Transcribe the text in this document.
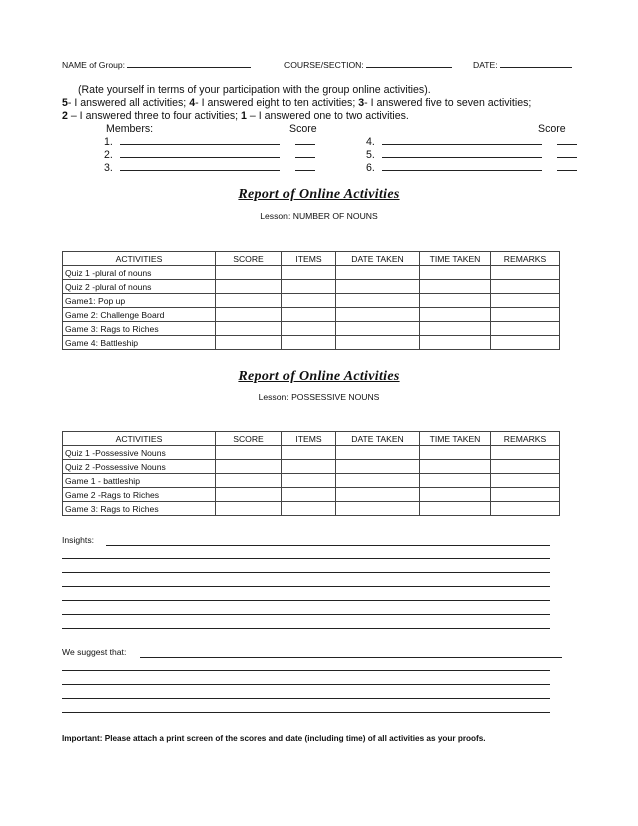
NAME of Group:	COURSE/SECTION:	DATE:
(Rate yourself in terms of your participation with the group online activities).
5- I answered all activities; 4- I answered eight to ten activities; 3- I answered five to seven activities;
2 – I answered three to four activities; 1 – I answered one to two activities.
Members:	Score	Score
1.
2.
3.
4.
5.
6.
Report of Online Activities
Lesson: NUMBER OF NOUNS
ACTIVITIES	SCORE	ITEMS	DATE TAKEN	TIME TAKEN	REMARKS
Quiz 1 -plural of nouns					
Quiz 2 -plural of nouns					
Game1: Pop up					
Game 2: Challenge Board					
Game 3: Rags to Riches					
Game 4: Battleship					
Report of Online Activities
Lesson: POSSESSIVE NOUNS
ACTIVITIES	SCORE	ITEMS	DATE TAKEN	TIME TAKEN	REMARKS
Quiz 1 -Possessive Nouns					
Quiz 2 -Possessive Nouns					
Game 1 - battleship					
Game 2 -Rags to Riches					
Game 3: Rags to Riches					
Insights:
We suggest that:
Important: Please attach a print screen of the scores and date (including time) of all activities as your proofs.
